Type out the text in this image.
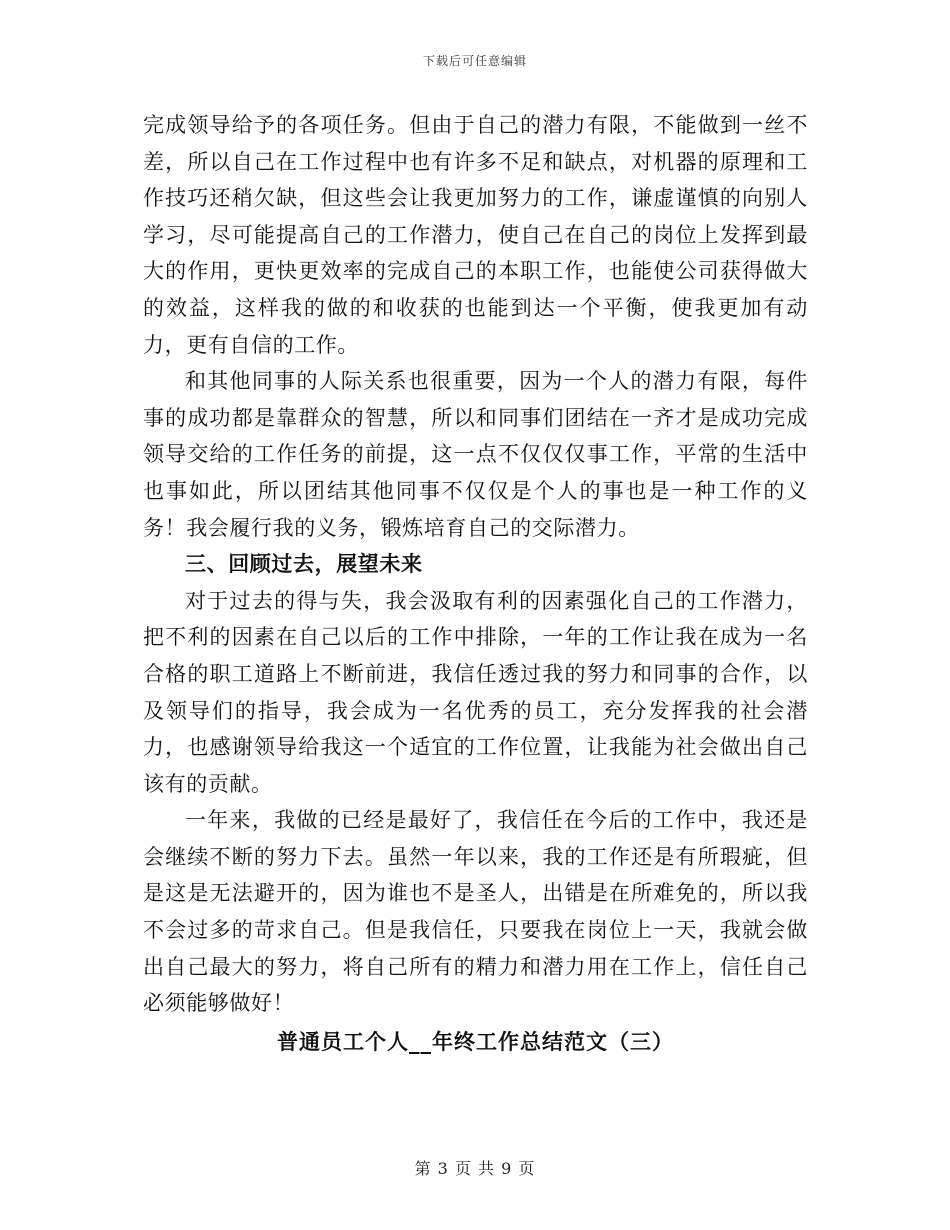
下载后可任意编辑

完成领导给予的各项任务。但由于自己的潜力有限，不能做到一丝不差，所以自己在工作过程中也有许多不足和缺点，对机器的原理和工作技巧还稍欠缺，但这些会让我更加努力的工作，谦虚谨慎的向别人学习，尽可能提高自己的工作潜力，使自己在自己的岗位上发挥到最大的作用，更快更效率的完成自己的本职工作，也能使公司获得做大的效益，这样我的做的和收获的也能到达一个平衡，使我更加有动力，更有自信的工作。

和其他同事的人际关系也很重要，因为一个人的潜力有限，每件事的成功都是靠群众的智慧，所以和同事们团结在一齐才是成功完成领导交给的工作任务的前提，这一点不仅仅仅事工作，平常的生活中也事如此，所以团结其他同事不仅仅是个人的事也是一种工作的义务！我会履行我的义务，锻炼培育自己的交际潜力。

三、回顾过去，展望未来

对于过去的得与失，我会汲取有利的因素强化自己的工作潜力，把不利的因素在自己以后的工作中排除，一年的工作让我在成为一名合格的职工道路上不断前进，我信任透过我的努力和同事的合作，以及领导们的指导，我会成为一名优秀的员工，充分发挥我的社会潜力，也感谢领导给我这一个适宜的工作位置，让我能为社会做出自己该有的贡献。

一年来，我做的已经是最好了，我信任在今后的工作中，我还是会继续不断的努力下去。虽然一年以来，我的工作还是有所瑕疵，但是这是无法避开的，因为谁也不是圣人，出错是在所难免的，所以我不会过多的苛求自己。但是我信任，只要我在岗位上一天，我就会做出自己最大的努力，将自己所有的精力和潜力用在工作上，信任自己必须能够做好！

普通员工个人__年终工作总结范文（三）

第 3 页 共 9 页
